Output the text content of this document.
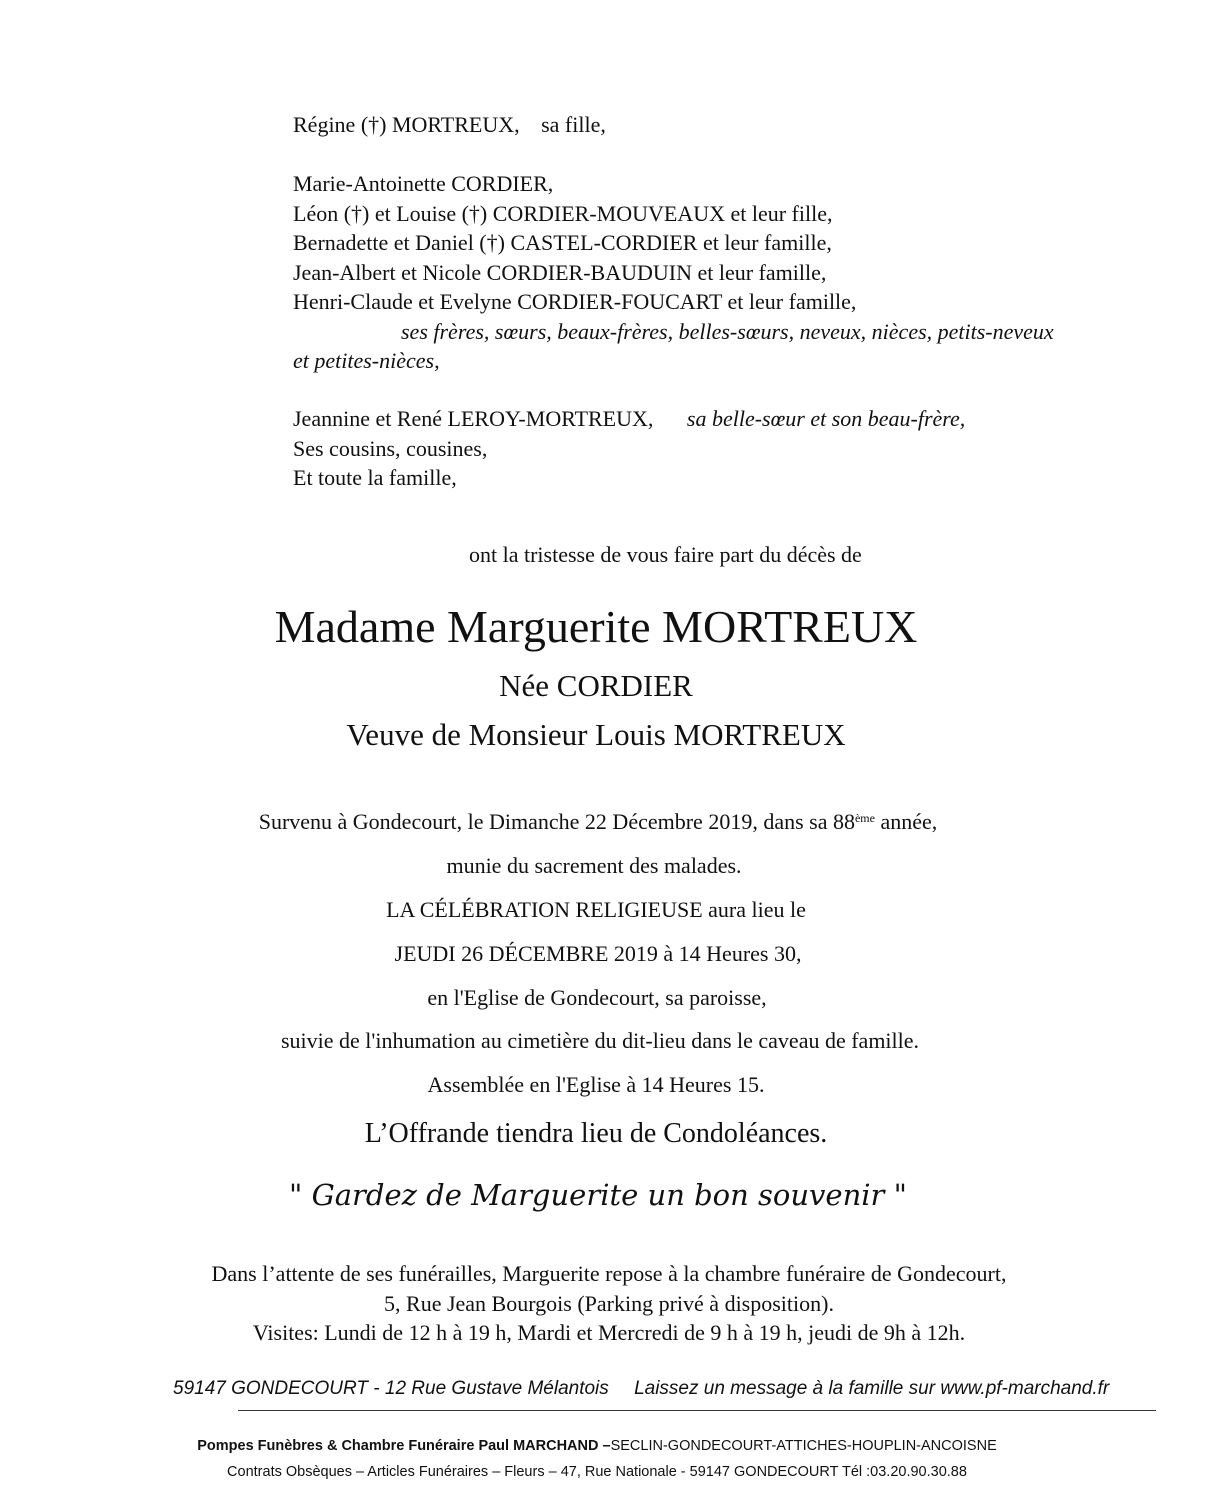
Régine (†) MORTREUX, sa fille,
Marie-Antoinette CORDIER,
Léon (†) et Louise (†) CORDIER-MOUVEAUX et leur fille,
Bernadette et Daniel (†) CASTEL-CORDIER et leur famille,
Jean-Albert et Nicole CORDIER-BAUDUIN et leur famille,
Henri-Claude et Evelyne CORDIER-FOUCART et leur famille,
ses frères, sœurs, beaux-frères, belles-sœurs, neveux, nièces, petits-neveux
et petites-nièces,
Jeannine et René LEROY-MORTREUX, sa belle-sœur et son beau-frère,
Ses cousins, cousines,
Et toute la famille,
ont la tristesse de vous faire part du décès de
Madame Marguerite MORTREUX
Née CORDIER
Veuve de Monsieur Louis MORTREUX
Survenu à Gondecourt, le Dimanche 22 Décembre 2019, dans sa 88ème année,
munie du sacrement des malades.
LA CÉLÉBRATION RELIGIEUSE aura lieu le
JEUDI 26 DÉCEMBRE 2019 à 14 Heures 30,
en l'Eglise de Gondecourt, sa paroisse,
suivie de l'inhumation au cimetière du dit-lieu dans le caveau de famille.
Assemblée en l'Eglise à 14 Heures 15.
L’Offrande tiendra lieu de Condoléances.
" Gardez de Marguerite un bon souvenir "
Dans l’attente de ses funérailles, Marguerite repose à la chambre funéraire de Gondecourt,
5, Rue Jean Bourgois (Parking privé à disposition).
Visites: Lundi de 12 h à 19 h, Mardi et Mercredi de 9 h à 19 h, jeudi de 9h à 12h.
59147 GONDECOURT - 12 Rue Gustave Mélantois Laissez un message à la famille sur www.pf-marchand.fr
Pompes Funèbres & Chambre Funéraire Paul MARCHAND –SECLIN-GONDECOURT-ATTICHES-HOUPLIN-ANCOISNE
Contrats Obsèques – Articles Funéraires – Fleurs – 47, Rue Nationale - 59147 GONDECOURT Tél :03.20.90.30.88
